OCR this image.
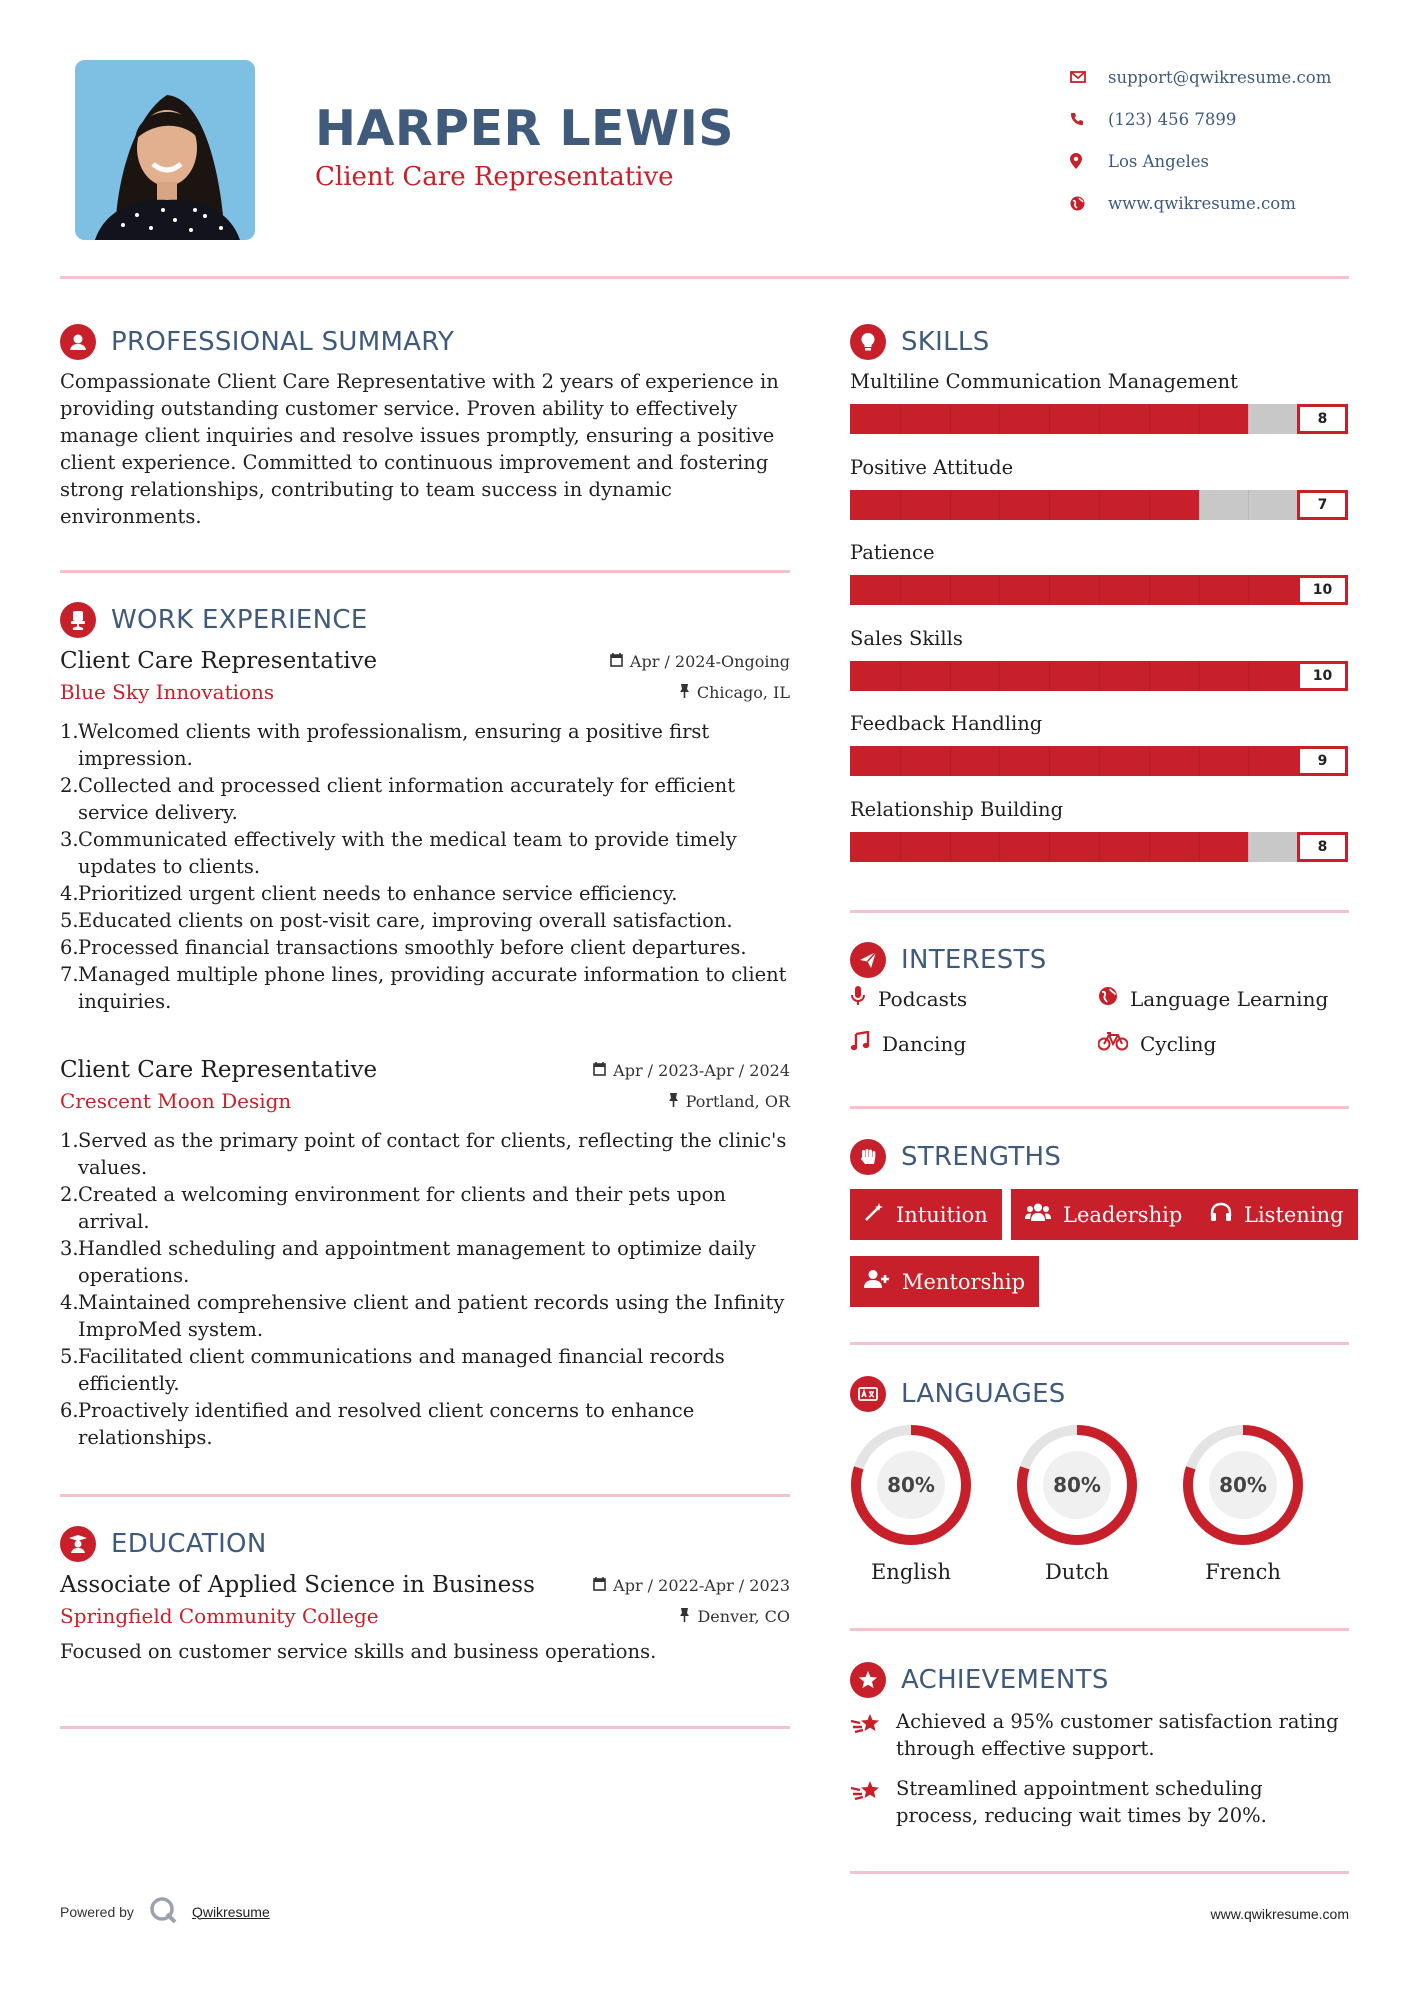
HARPER LEWIS
Client Care Representative
support@qwikresume.com
(123) 456 7899
Los Angeles
www.qwikresume.com
PROFESSIONAL SUMMARY
Compassionate Client Care Representative with 2 years of experience in providing outstanding customer service. Proven ability to effectively manage client inquiries and resolve issues promptly, ensuring a positive client experience. Committed to continuous improvement and fostering strong relationships, contributing to team success in dynamic environments.
WORK EXPERIENCE
Client Care Representative	Apr / 2024-Ongoing
Blue Sky Innovations	Chicago, IL
1. Welcomed clients with professionalism, ensuring a positive first impression.
2. Collected and processed client information accurately for efficient service delivery.
3. Communicated effectively with the medical team to provide timely updates to clients.
4. Prioritized urgent client needs to enhance service efficiency.
5. Educated clients on post-visit care, improving overall satisfaction.
6. Processed financial transactions smoothly before client departures.
7. Managed multiple phone lines, providing accurate information to client inquiries.
Client Care Representative	Apr / 2023-Apr / 2024
Crescent Moon Design	Portland, OR
1. Served as the primary point of contact for clients, reflecting the clinic's values.
2. Created a welcoming environment for clients and their pets upon arrival.
3. Handled scheduling and appointment management to optimize daily operations.
4. Maintained comprehensive client and patient records using the Infinity ImproMed system.
5. Facilitated client communications and managed financial records efficiently.
6. Proactively identified and resolved client concerns to enhance relationships.
EDUCATION
Associate of Applied Science in Business	Apr / 2022-Apr / 2023
Springfield Community College	Denver, CO
Focused on customer service skills and business operations.
SKILLS
Multiline Communication Management
8
Positive Attitude
7
Patience
10
Sales Skills
10
Feedback Handling
9
Relationship Building
8
INTERESTS
Podcasts	Language Learning
Dancing	Cycling
STRENGTHS
Intuition	Leadership	Listening
Mentorship
LANGUAGES
80%
English
80%
Dutch
80%
French
ACHIEVEMENTS
Achieved a 95% customer satisfaction rating through effective support.
Streamlined appointment scheduling process, reducing wait times by 20%.
Powered by	Qwikresume	www.qwikresume.com
